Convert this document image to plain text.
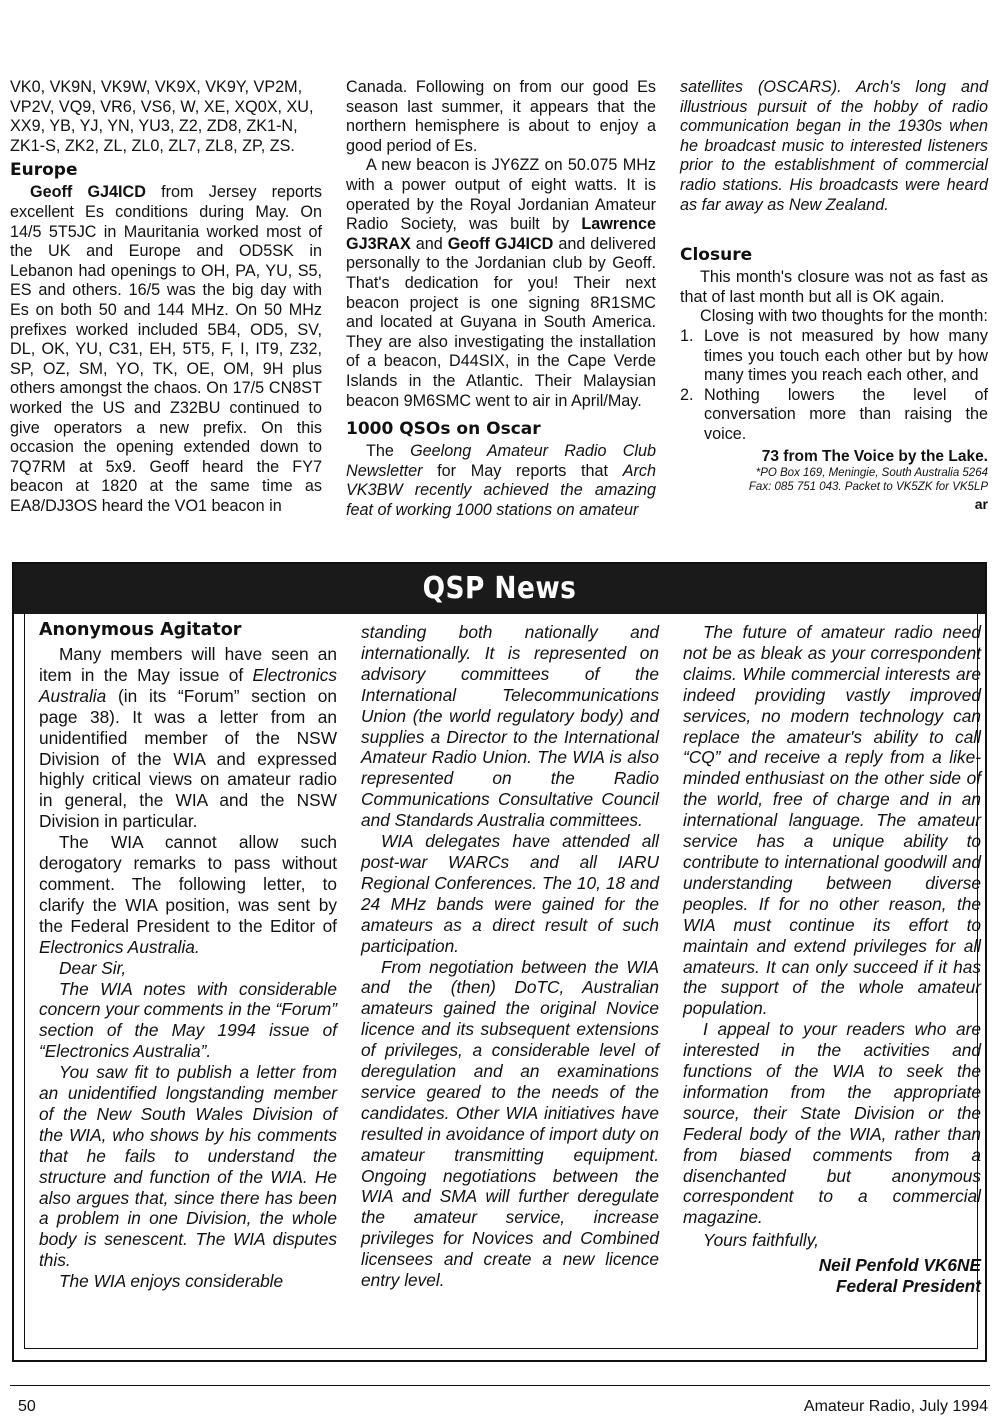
VK0, VK9N, VK9W, VK9X, VK9Y, VP2M, VP2V, VQ9, VR6, VS6, W, XE, XQ0X, XU, XX9, YB, YJ, YN, YU3, Z2, ZD8, ZK1-N, ZK1-S, ZK2, ZL, ZL0, ZL7, ZL8, ZP, ZS.

Europe

Geoff GJ4ICD from Jersey reports excellent Es conditions during May. On 14/5 5T5JC in Mauritania worked most of the UK and Europe and OD5SK in Lebanon had openings to OH, PA, YU, S5, ES and others. 16/5 was the big day with Es on both 50 and 144 MHz. On 50 MHz prefixes worked included 5B4, OD5, SV, DL, OK, YU, C31, EH, 5T5, F, I, IT9, Z32, SP, OZ, SM, YO, TK, OE, OM, 9H plus others amongst the chaos. On 17/5 CN8ST worked the US and Z32BU continued to give operators a new prefix. On this occasion the opening extended down to 7Q7RM at 5x9. Geoff heard the FY7 beacon at 1820 at the same time as EA8/DJ3OS heard the VO1 beacon in

Canada. Following on from our good Es season last summer, it appears that the northern hemisphere is about to enjoy a good period of Es.

A new beacon is JY6ZZ on 50.075 MHz with a power output of eight watts. It is operated by the Royal Jordanian Amateur Radio Society, was built by Lawrence GJ3RAX and Geoff GJ4ICD and delivered personally to the Jordanian club by Geoff. That's dedication for you! Their next beacon project is one signing 8R1SMC and located at Guyana in South America. They are also investigating the installation of a beacon, D44SIX, in the Cape Verde Islands in the Atlantic. Their Malaysian beacon 9M6SMC went to air in April/May.

1000 QSOs on Oscar

The Geelong Amateur Radio Club Newsletter for May reports that Arch VK3BW recently achieved the amazing feat of working 1000 stations on amateur

satellites (OSCARS). Arch's long and illustrious pursuit of the hobby of radio communication began in the 1930s when he broadcast music to interested listeners prior to the establishment of commercial radio stations. His broadcasts were heard as far away as New Zealand.

Closure

This month's closure was not as fast as that of last month but all is OK again.

Closing with two thoughts for the month:

1. Love is not measured by how many times you touch each other but by how many times you reach each other, and
2. Nothing lowers the level of conversation more than raising the voice.
73 from The Voice by the Lake.
*PO Box 169, Meningie, South Australia 5264
Fax: 085 751 043. Packet to VK5ZK for VK5LP
ar
QSP News
Anonymous Agitator

Many members will have seen an item in the May issue of Electronics Australia (in its “Forum” section on page 38). It was a letter from an unidentified member of the NSW Division of the WIA and expressed highly critical views on amateur radio in general, the WIA and the NSW Division in particular.

The WIA cannot allow such derogatory remarks to pass without comment. The following letter, to clarify the WIA position, was sent by the Federal President to the Editor of Electronics Australia.

Dear Sir,

The WIA notes with considerable concern your comments in the “Forum” section of the May 1994 issue of “Electronics Australia”.

You saw fit to publish a letter from an unidentified longstanding member of the New South Wales Division of the WIA, who shows by his comments that he fails to understand the structure and function of the WIA. He also argues that, since there has been a problem in one Division, the whole body is senescent. The WIA disputes this.

The WIA enjoys considerable

standing both nationally and internationally. It is represented on advisory committees of the International Telecommunications Union (the world regulatory body) and supplies a Director to the International Amateur Radio Union. The WIA is also represented on the Radio Communications Consultative Council and Standards Australia committees.

WIA delegates have attended all post-war WARCs and all IARU Regional Conferences. The 10, 18 and 24 MHz bands were gained for the amateurs as a direct result of such participation.

From negotiation between the WIA and the (then) DoTC, Australian amateurs gained the original Novice licence and its subsequent extensions of privileges, a considerable level of deregulation and an examinations service geared to the needs of the candidates. Other WIA initiatives have resulted in avoidance of import duty on amateur transmitting equipment. Ongoing negotiations between the WIA and SMA will further deregulate the amateur service, increase privileges for Novices and Combined licensees and create a new licence entry level.

The future of amateur radio need not be as bleak as your correspondent claims. While commercial interests are indeed providing vastly improved services, no modern technology can replace the amateur's ability to call “CQ” and receive a reply from a like-minded enthusiast on the other side of the world, free of charge and in an international language. The amateur service has a unique ability to contribute to international goodwill and understanding between diverse peoples. If for no other reason, the WIA must continue its effort to maintain and extend privileges for all amateurs. It can only succeed if it has the support of the whole amateur population.

I appeal to your readers who are interested in the activities and functions of the WIA to seek the information from the appropriate source, their State Division or the Federal body of the WIA, rather than from biased comments from a disenchanted but anonymous correspondent to a commercial magazine.

Yours faithfully,

Neil Penfold VK6NE

Federal President

50	Amateur Radio, July 1994
